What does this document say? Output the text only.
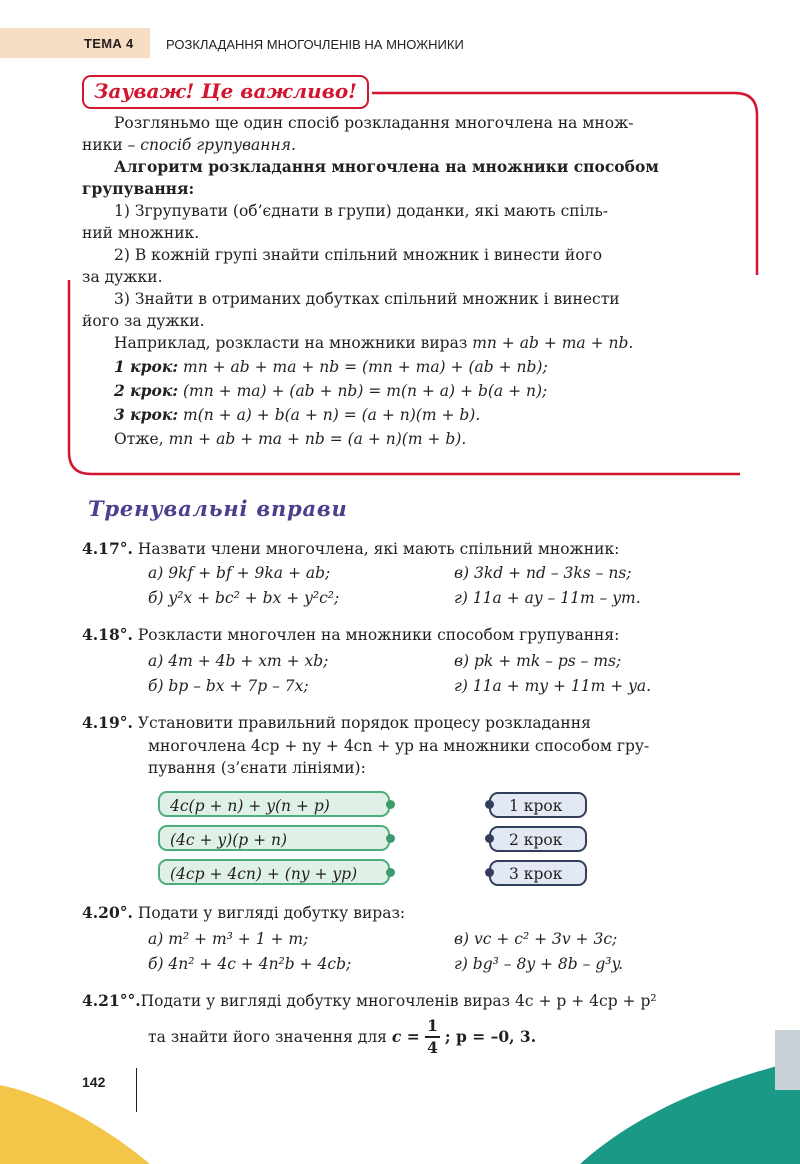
ТЕМА 4	РОЗКЛАДАННЯ МНОГОЧЛЕНІВ НА МНОЖНИКИ
Зауваж! Це важливо!
Розгляньмо ще один спосіб розкладання многочлена на множ-
ники – спосіб групування.
Алгоритм розкладання многочлена на множники способом
групування:
1) Згрупувати (об’єднати в групи) доданки, які мають спіль-
ний множник.
2) В кожній групі знайти спільний множник і винести його
за дужки.
3) Знайти в отриманих добутках спільний множник і винести
його за дужки.
Наприклад, розкласти на множники вираз mn + ab + ma + nb.
1 крок: mn + ab + ma + nb = (mn + ma) + (ab + nb);
2 крок: (mn + ma) + (ab + nb) = m(n + a) + b(a + n);
3 крок: m(n + a) + b(a + n) = (a + n)(m + b).
Отже, mn + ab + ma + nb = (a + n)(m + b).
Тренувальні вправи
4.17°. Назвати члени многочлена, які мають спільний множник:
а) 9kf + bf + 9ka + ab;	в) 3kd + nd – 3ks – ns;
б) y²x + bc² + bx + y²c²;	г) 11a + ay – 11m – ym.
4.18°. Розкласти многочлен на множники способом групування:
а) 4m + 4b + xm + xb;	в) pk + mk – ps – ms;
б) bp – bx + 7p – 7x;	г) 11a + my + 11m + ya.
4.19°. Установити правильний порядок процесу розкладання
многочлена 4cp + ny + 4cn + yp на множники способом гру-
пування (з’єнати лініями):
4c(p + n) + y(n + p)
(4c + y)(p + n)
(4cp + 4cn) + (ny + yp)
1 крок
2 крок
3 крок
4.20°. Подати у вигляді добутку вираз:
а) m² + m³ + 1 + m;	в) vc + c² + 3v + 3c;
б) 4n² + 4c + 4n²b + 4cb;	г) bg³ – 8y + 8b – g³y.
4.21°°.Подати у вигляді добутку многочленів вираз 4c + p + 4cp + p²
та знайти його значення для $c = \frac{1}{4}$ ; p = –0, 3.
142
